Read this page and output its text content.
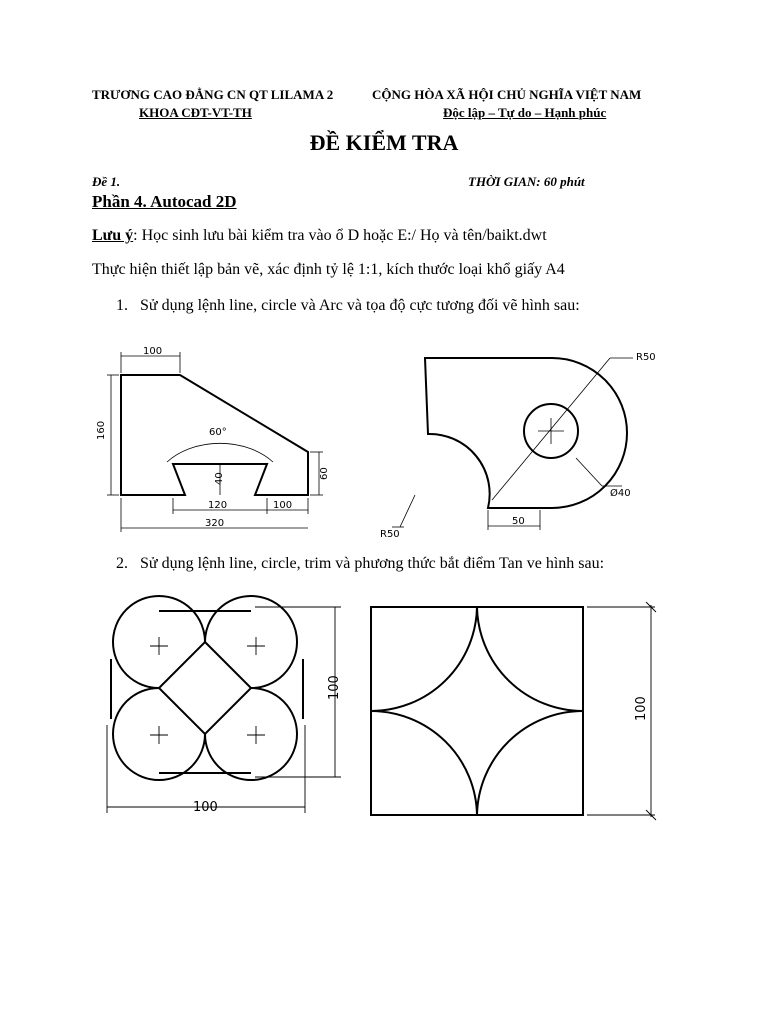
TRƯƠNG CAO ĐẲNG CN QT LILAMA 2	CỘNG HÒA XÃ HỘI CHỦ NGHĨA VIỆT NAM
KHOA CĐT-VT-TH	Độc lập – Tự do – Hạnh phúc
ĐỀ KIỂM TRA
Đề 1.	THỜI GIAN: 60 phút
Phần 4. Autocad 2D
Lưu ý: Học sinh lưu bài kiểm tra vào ổ D hoặc E:/ Họ và tên/baikt.dwt
Thực hiện thiết lập bản vẽ, xác định tỷ lệ 1:1, kích thước loại khổ giấy A4
1. Sử dụng lệnh line, circle và Arc và tọa độ cực tương đối vẽ hình sau:
100
160	60°
40	60
120	100
320
R50
Ø40
50
R50
2. Sử dụng lệnh line, circle, trim và phương thức bắt điểm Tan ve hình sau:
100
100
100
